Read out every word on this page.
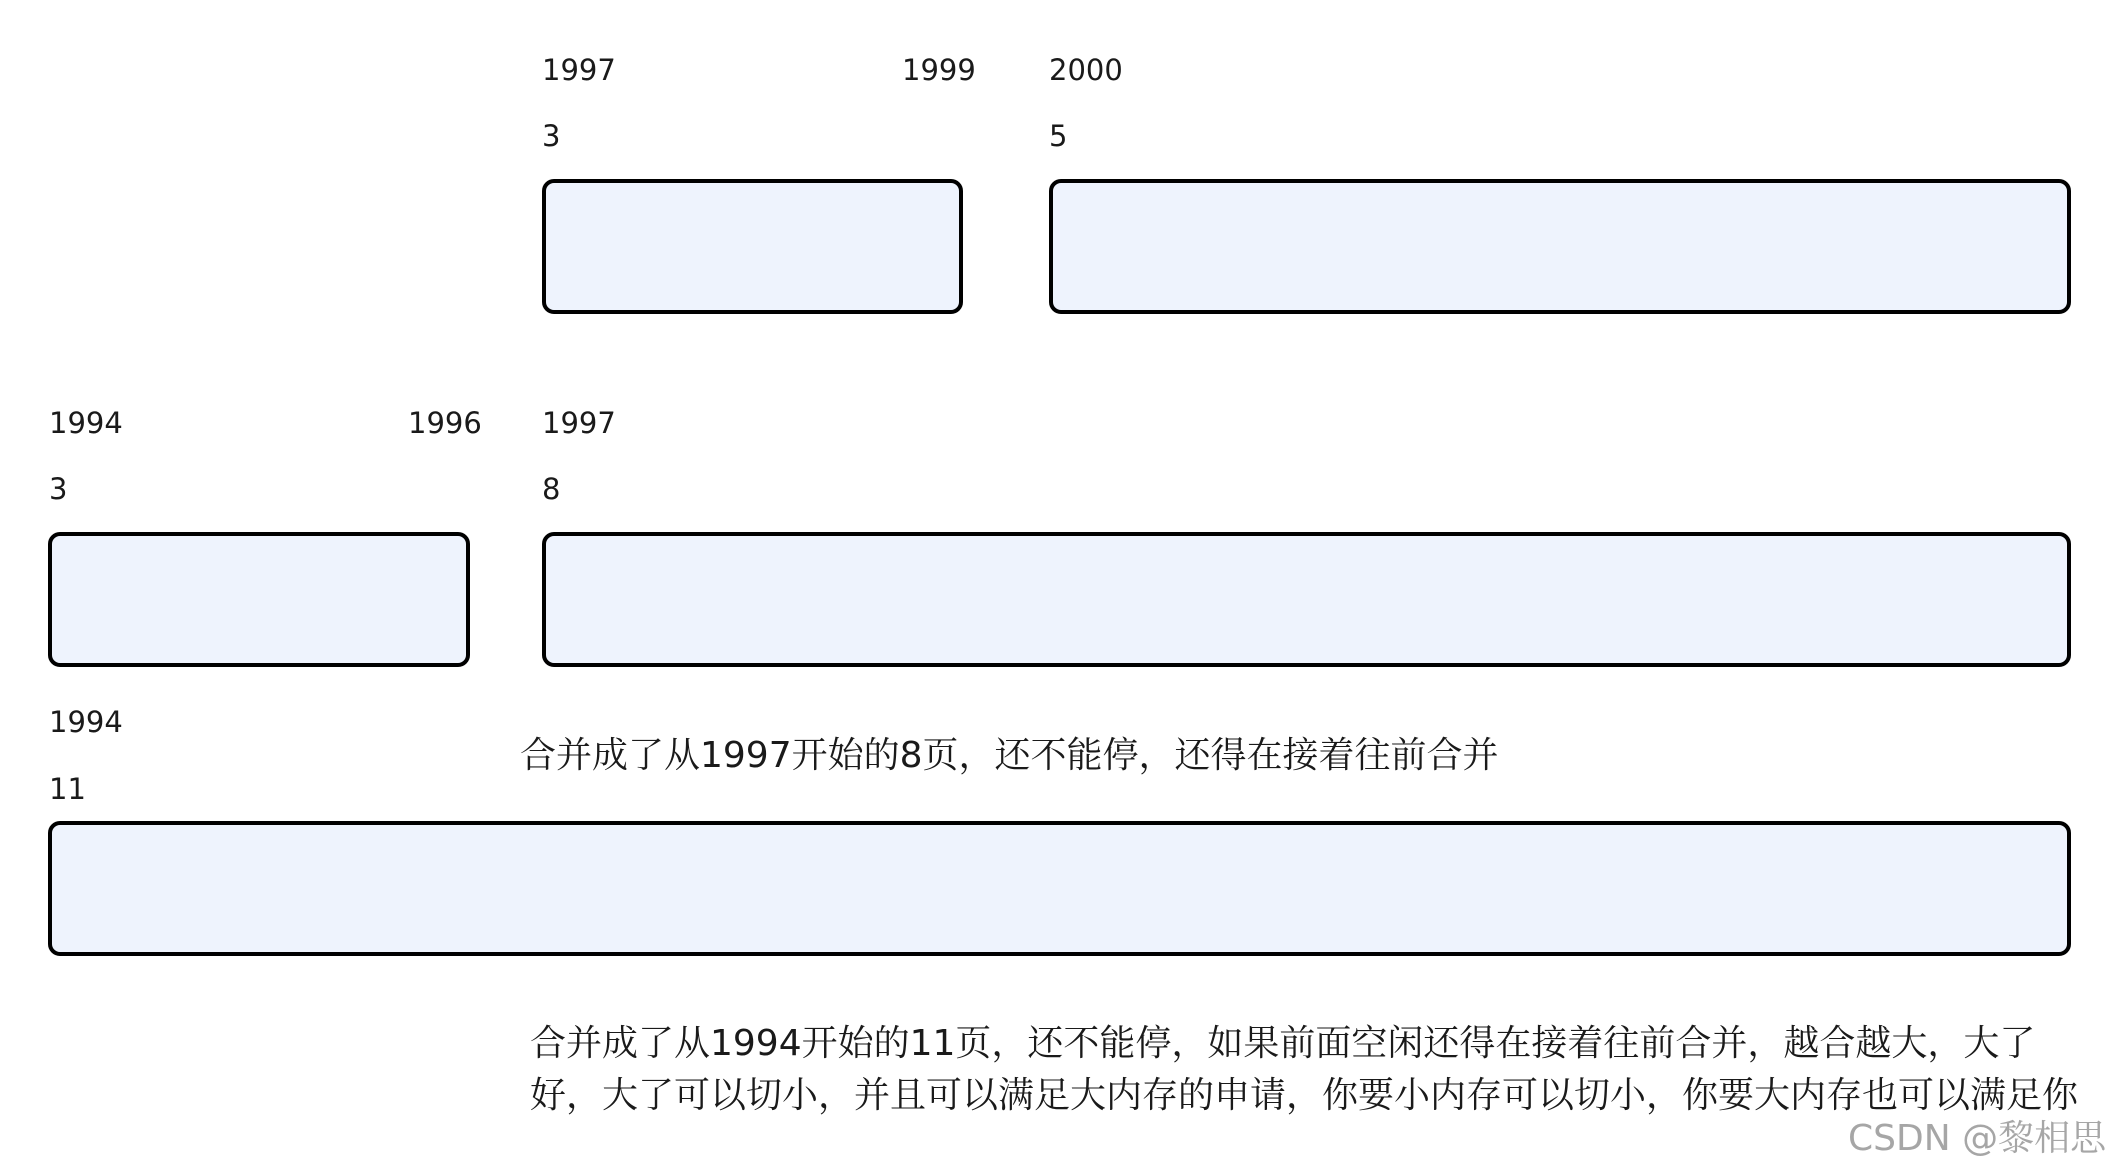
1997	1999	2000
3	5
1994	1996 1997
3	8
1994
11
合并成了从1997开始的8页，还不能停，还得在接着往前合并
合并成了从1994开始的11页，还不能停，如果前面空闲还得在接着往前合并，越合越大，大了
好，大了可以切小，并且可以满足大内存的申请，你要小内存可以切小，你要大内存也可以满足你
CSDN @黎相思
